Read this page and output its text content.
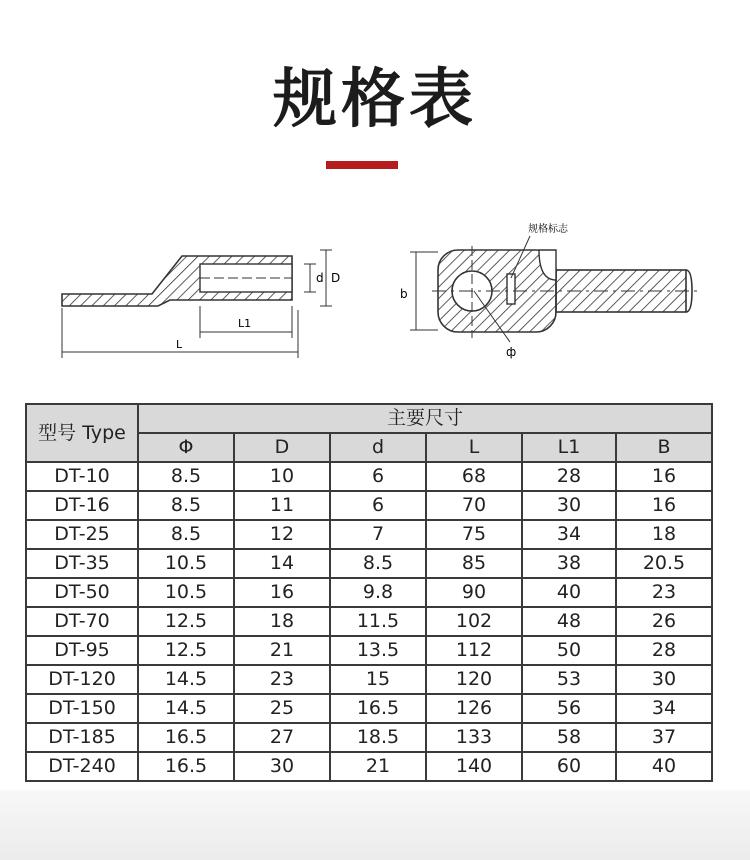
规格表
d D
L1
L
b
ф
规格标志
型号 Type	主要尺寸					
	Φ	D	d	L	L1	B
DT-10	8.5	10	6	68	28	16
DT-16	8.5	11	6	70	30	16
DT-25	8.5	12	7	75	34	18
DT-35	10.5	14	8.5	85	38	20.5
DT-50	10.5	16	9.8	90	40	23
DT-70	12.5	18	11.5	102	48	26
DT-95	12.5	21	13.5	112	50	28
DT-120	14.5	23	15	120	53	30
DT-150	14.5	25	16.5	126	56	34
DT-185	16.5	27	18.5	133	58	37
DT-240	16.5	30	21	140	60	40
